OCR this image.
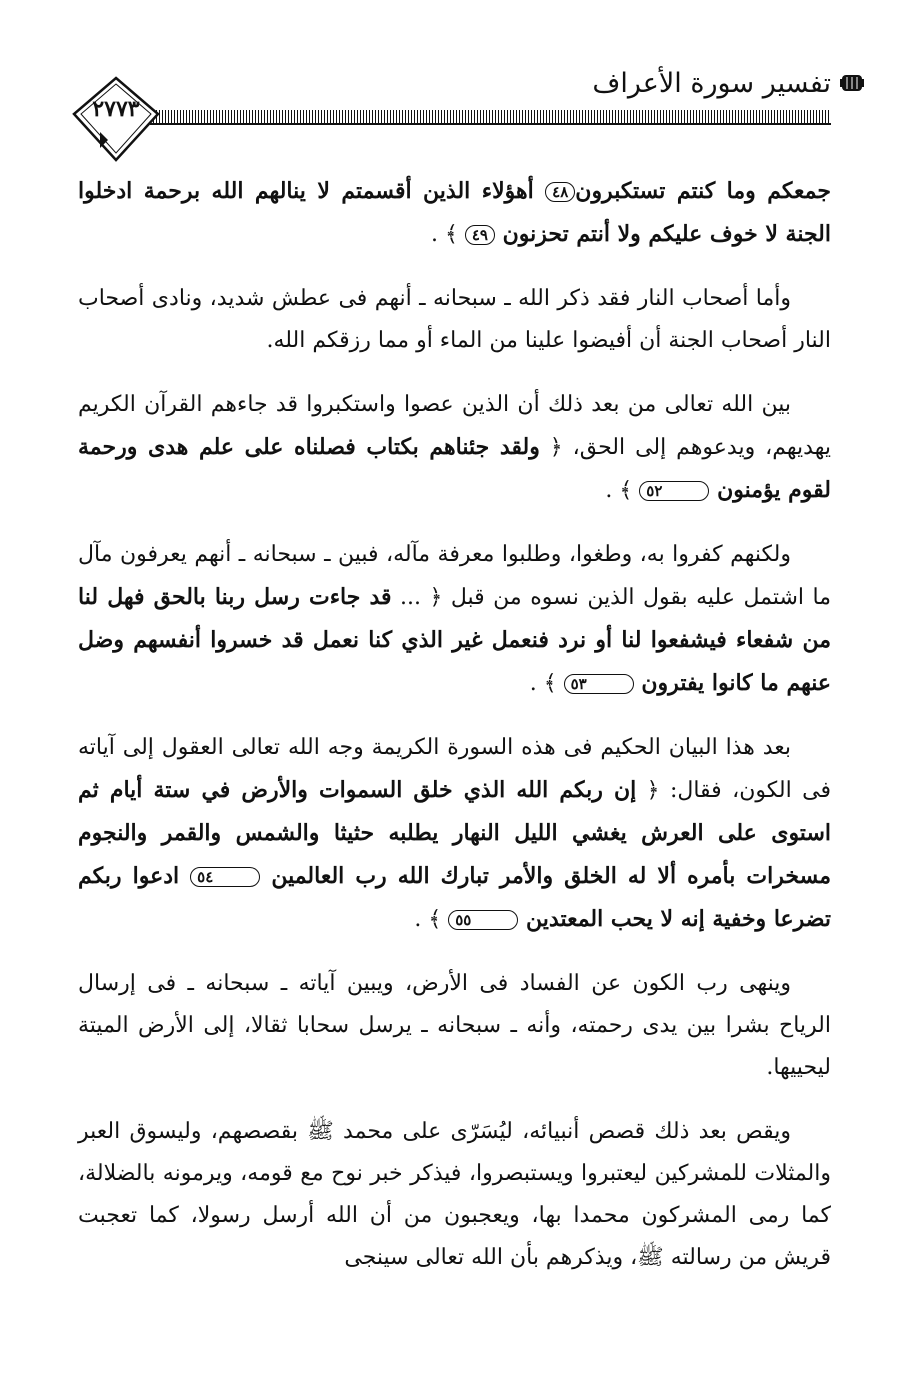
تفسير سورة الأعراف
٢٧٧٣

جمعكم وما كنتم تستكبرون٤٨ أهؤلاء الذين أقسمتم لا ينالهم الله برحمة ادخلوا الجنة لا خوف عليكم ولا أنتم تحزنون ٤٩ ﴾ .

وأما أصحاب النار فقد ذكر الله ـ سبحانه ـ أنهم فى عطش شديد، ونادى أصحاب النار أصحاب الجنة أن أفيضوا علينا من الماء أو مما رزقكم الله.

بين الله تعالى من بعد ذلك أن الذين عصوا واستكبروا قد جاءهم القرآن الكريم يهديهم، ويدعوهم إلى الحق، ﴿ ولقد جئناهم بكتاب فصلناه على علم هدى ورحمة لقوم يؤمنون ٥٢ ﴾ .

ولكنهم كفروا به، وطغوا، وطلبوا معرفة مآله، فبين ـ سبحانه ـ أنهم يعرفون مآل ما اشتمل عليه بقول الذين نسوه من قبل ﴿ ... قد جاءت رسل ربنا بالحق فهل لنا من شفعاء فيشفعوا لنا أو نرد فنعمل غير الذي كنا نعمل قد خسروا أنفسهم وضل عنهم ما كانوا يفترون ٥٣ ﴾ .

بعد هذا البيان الحكيم فى هذه السورة الكريمة وجه الله تعالى العقول إلى آياته فى الكون، فقال: ﴿ إن ربكم الله الذي خلق السموات والأرض في ستة أيام ثم استوى على العرش يغشي الليل النهار يطلبه حثيثا والشمس والقمر والنجوم مسخرات بأمره ألا له الخلق والأمر تبارك الله رب العالمين ٥٤ ادعوا ربكم تضرعا وخفية إنه لا يحب المعتدين ٥٥ ﴾ .

وينهى رب الكون عن الفساد فى الأرض، ويبين آياته ـ سبحانه ـ فى إرسال الرياح بشرا بين يدى رحمته، وأنه ـ سبحانه ـ يرسل سحابا ثقالا، إلى الأرض الميتة ليحييها.

ويقص بعد ذلك قصص أنبيائه، ليُسَرّى على محمد ﷺ بقصصهم، وليسوق العبر والمثلات للمشركين ليعتبروا ويستبصروا، فيذكر خبر نوح مع قومه، ويرمونه بالضلالة، كما رمى المشركون محمدا بها، ويعجبون من أن الله أرسل رسولا، كما تعجبت قريش من رسالته ﷺ، ويذكرهم بأن الله تعالى سينجى
